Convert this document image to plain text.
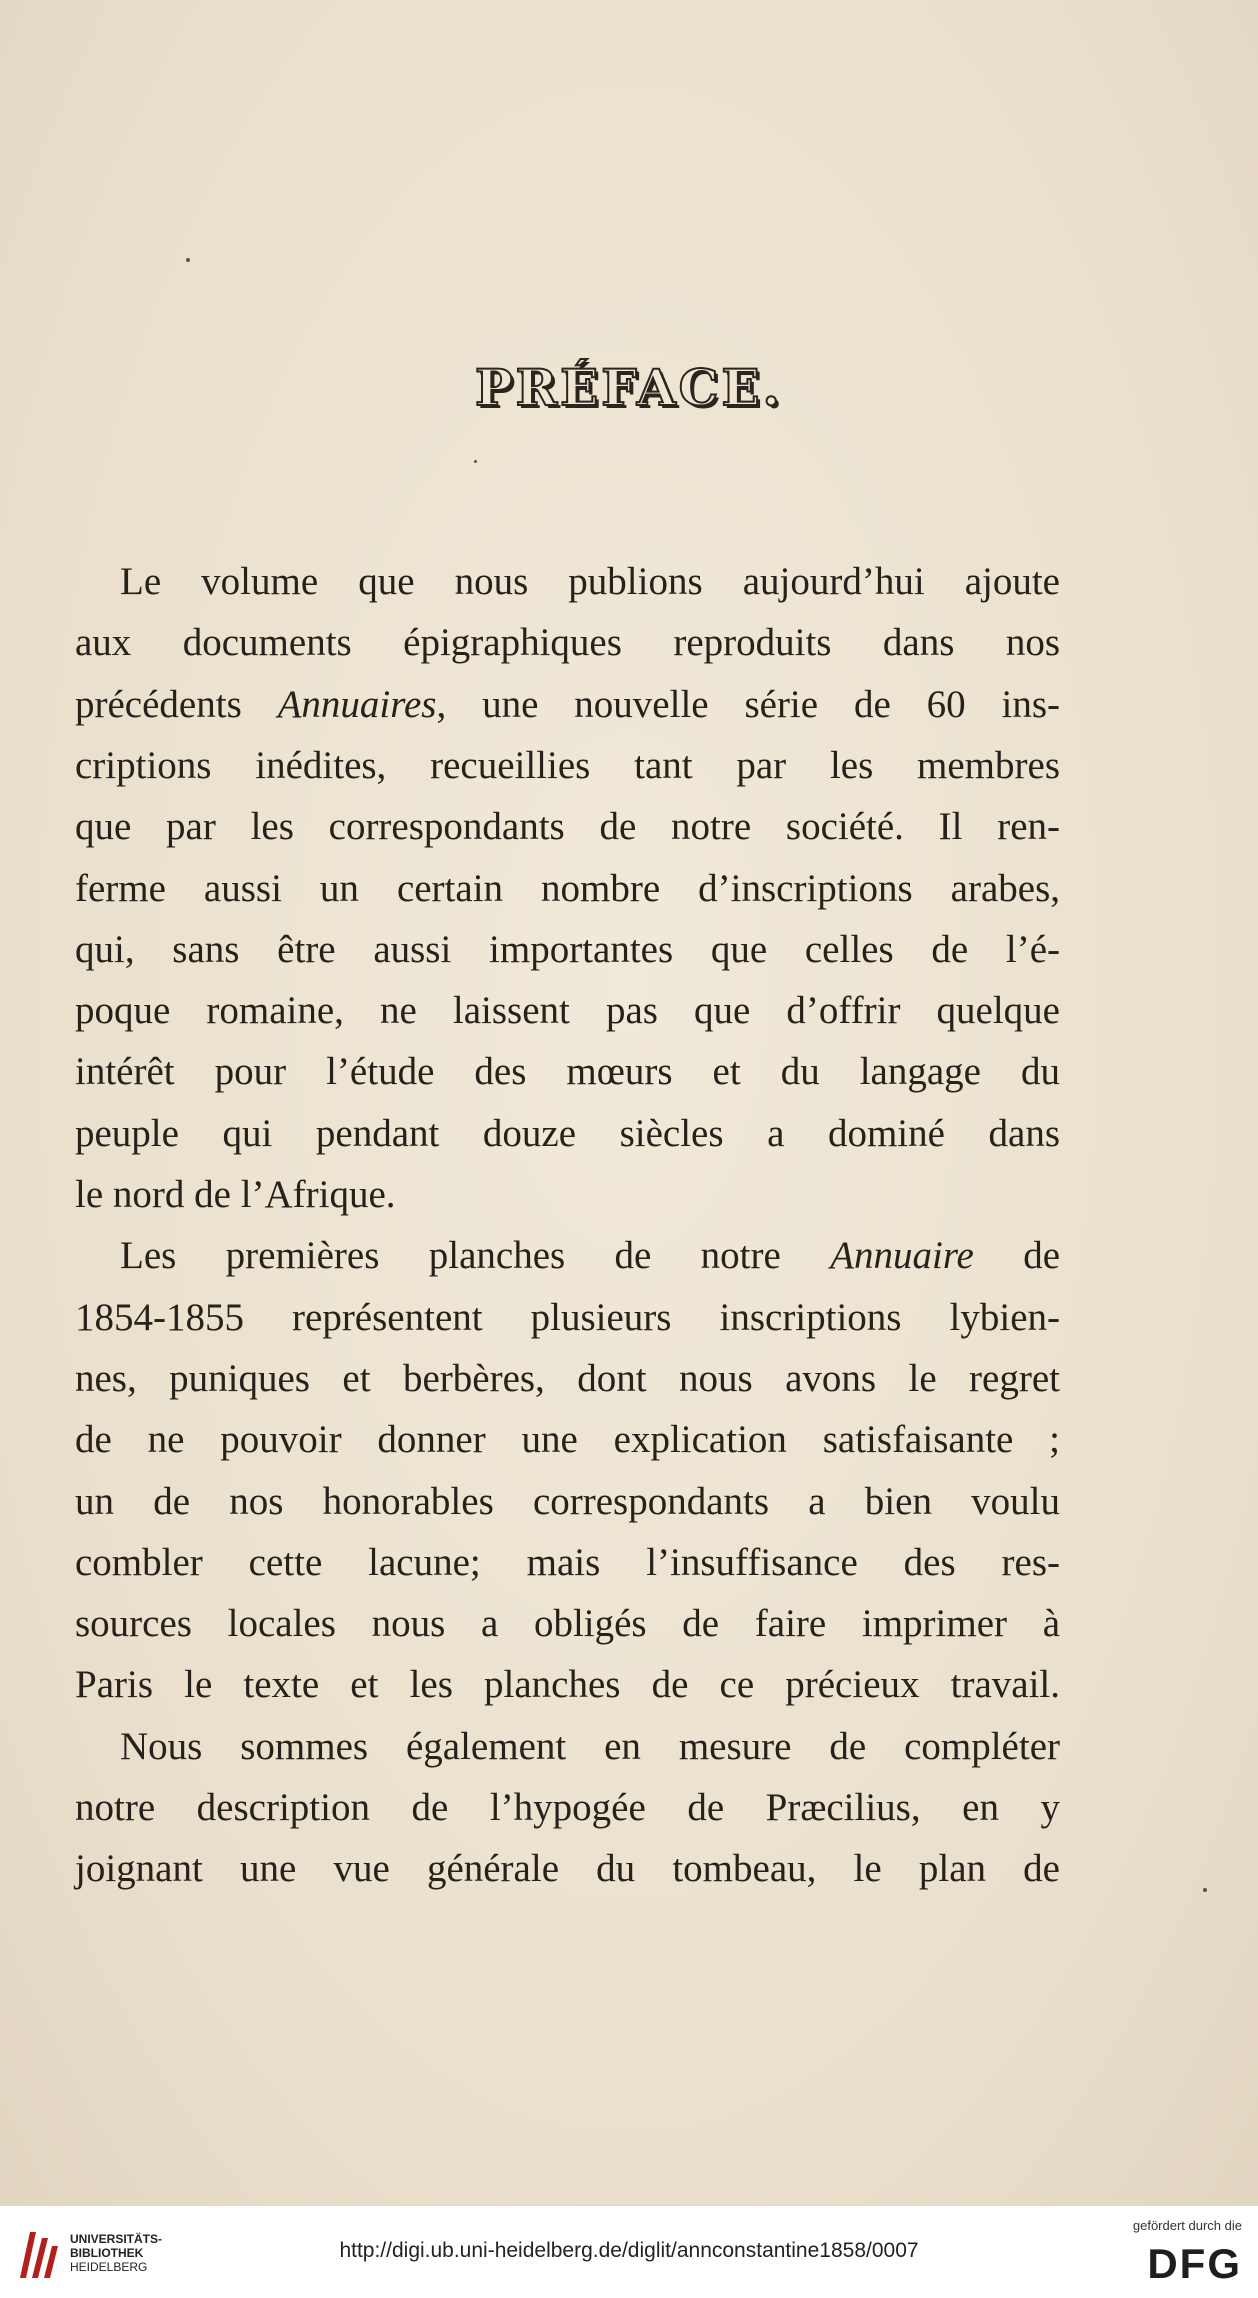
PRÉFACE.
Le volume que nous publions aujourd’hui ajoute
aux documents épigraphiques reproduits dans nos
précédents Annuaires, une nouvelle série de 60 ins-
criptions inédites, recueillies tant par les membres
que par les correspondants de notre société. Il ren-
ferme aussi un certain nombre d’inscriptions arabes,
qui, sans être aussi importantes que celles de l’é-
poque romaine, ne laissent pas que d’offrir quelque
intérêt pour l’étude des mœurs et du langage du
peuple qui pendant douze siècles a dominé dans
le nord de l’Afrique.
Les premières planches de notre Annuaire de
1854-1855 représentent plusieurs inscriptions lybien-
nes, puniques et berbères, dont nous avons le regret
de ne pouvoir donner une explication satisfaisante ;
un de nos honorables correspondants a bien voulu
combler cette lacune; mais l’insuffisance des res-
sources locales nous a obligés de faire imprimer à
Paris le texte et les planches de ce précieux travail.
Nous sommes également en mesure de compléter
notre description de l’hypogée de Præcilius, en y
joignant une vue générale du tombeau, le plan de
UNIVERSITÄTS-
BIBLIOTHEK
HEIDELBERG
http://digi.ub.uni-heidelberg.de/diglit/annconstantine1858/0007
gefördert durch die
DFG
